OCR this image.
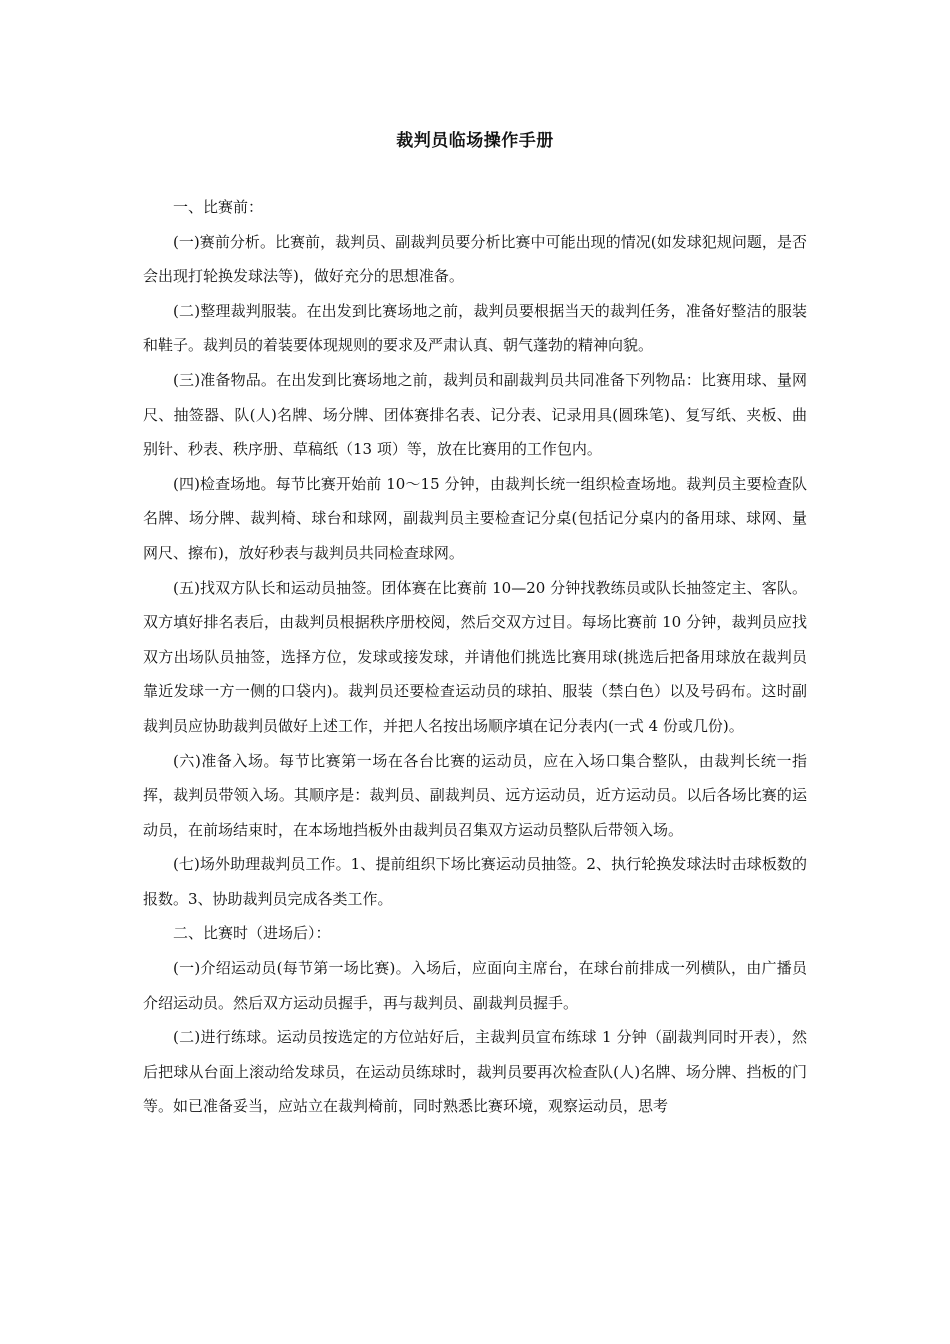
裁判员临场操作手册

一、比赛前：

(一)赛前分析。比赛前，裁判员、副裁判员要分析比赛中可能出现的情况(如发球犯规问题，是否会出现打轮换发球法等)，做好充分的思想准备。

(二)整理裁判服装。在出发到比赛场地之前，裁判员要根据当天的裁判任务，准备好整洁的服装和鞋子。裁判员的着装要体现规则的要求及严肃认真、朝气蓬勃的精神向貌。

(三)准备物品。在出发到比赛场地之前，裁判员和副裁判员共同准备下列物品：比赛用球、量网尺、抽签器、队(人)名牌、场分牌、团体赛排名表、记分表、记录用具(圆珠笔)、复写纸、夹板、曲别针、秒表、秩序册、草稿纸（13 项）等，放在比赛用的工作包内。

(四)检查场地。每节比赛开始前 10～15 分钟，由裁判长统一组织检查场地。裁判员主要检查队名牌、场分牌、裁判椅、球台和球网，副裁判员主要检查记分桌(包括记分桌内的备用球、球网、量网尺、擦布)，放好秒表与裁判员共同检查球网。

(五)找双方队长和运动员抽签。团体赛在比赛前 10—20 分钟找教练员或队长抽签定主、客队。双方填好排名表后，由裁判员根据秩序册校阅，然后交双方过目。每场比赛前 10 分钟，裁判员应找双方出场队员抽签，选择方位，发球或接发球，并请他们挑选比赛用球(挑选后把备用球放在裁判员靠近发球一方一侧的口袋内)。裁判员还要检查运动员的球拍、服装（禁白色）以及号码布。这时副裁判员应协助裁判员做好上述工作，并把人名按出场顺序填在记分表内(一式 4 份或几份)。

(六)准备入场。每节比赛第一场在各台比赛的运动员，应在入场口集合整队，由裁判长统一指挥，裁判员带领入场。其顺序是：裁判员、副裁判员、远方运动员，近方运动员。以后各场比赛的运动员，在前场结束时，在本场地挡板外由裁判员召集双方运动员整队后带领入场。

(七)场外助理裁判员工作。1、提前组织下场比赛运动员抽签。2、执行轮换发球法时击球板数的报数。3、协助裁判员完成各类工作。

二、比赛时（进场后）：

(一)介绍运动员(每节第一场比赛)。入场后，应面向主席台，在球台前排成一列横队，由广播员介绍运动员。然后双方运动员握手，再与裁判员、副裁判员握手。

(二)进行练球。运动员按选定的方位站好后，主裁判员宣布练球 1 分钟（副裁判同时开表），然后把球从台面上滚动给发球员，在运动员练球时，裁判员要再次检查队(人)名牌、场分牌、挡板的门等。如已准备妥当，应站立在裁判椅前，同时熟悉比赛环境，观察运动员，思考
